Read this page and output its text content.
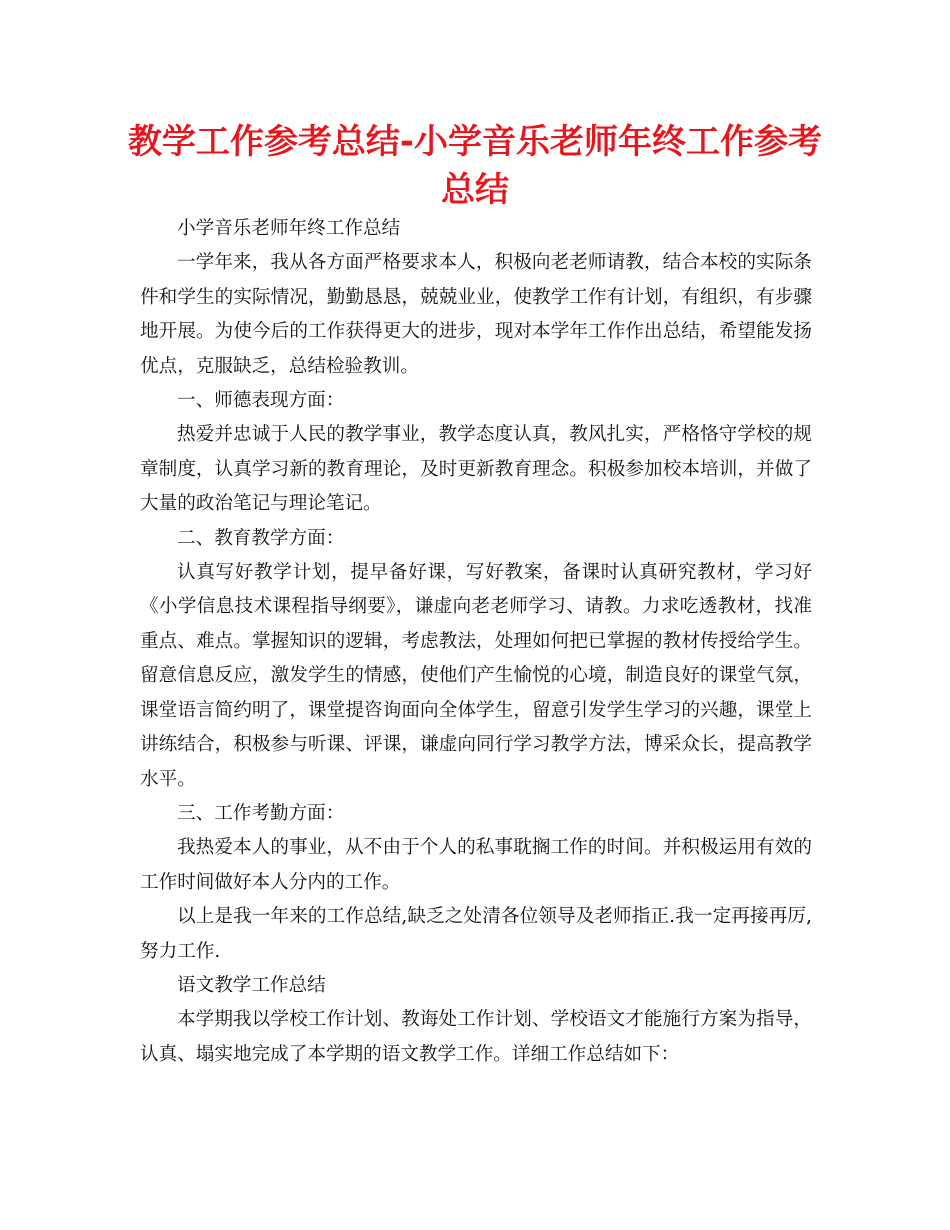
教学工作参考总结-小学音乐老师年终工作参考总结

小学音乐老师年终工作总结

一学年来，我从各方面严格要求本人，积极向老老师请教，结合本校的实际条件和学生的实际情况，勤勤恳恳，兢兢业业，使教学工作有计划，有组织，有步骤地开展。为使今后的工作获得更大的进步，现对本学年工作作出总结，希望能发扬优点，克服缺乏，总结检验教训。

一、师德表现方面：

热爱并忠诚于人民的教学事业，教学态度认真，教风扎实，严格恪守学校的规章制度，认真学习新的教育理论，及时更新教育理念。积极参加校本培训，并做了大量的政治笔记与理论笔记。

二、教育教学方面：

认真写好教学计划，提早备好课，写好教案，备课时认真研究教材，学习好《小学信息技术课程指导纲要》，谦虚向老老师学习、请教。力求吃透教材，找准重点、难点。掌握知识的逻辑，考虑教法，处理如何把已掌握的教材传授给学生。留意信息反应，激发学生的情感，使他们产生愉悦的心境，制造良好的课堂气氛，课堂语言简约明了，课堂提咨询面向全体学生，留意引发学生学习的兴趣，课堂上讲练结合，积极参与听课、评课，谦虚向同行学习教学方法，博采众长，提高教学水平。

三、工作考勤方面：

我热爱本人的事业，从不由于个人的私事耽搁工作的时间。并积极运用有效的工作时间做好本人分内的工作。

以上是我一年来的工作总结,缺乏之处清各位领导及老师指正.我一定再接再厉,努力工作.

语文教学工作总结

本学期我以学校工作计划、教诲处工作计划、学校语文才能施行方案为指导，认真、塌实地完成了本学期的语文教学工作。详细工作总结如下：
